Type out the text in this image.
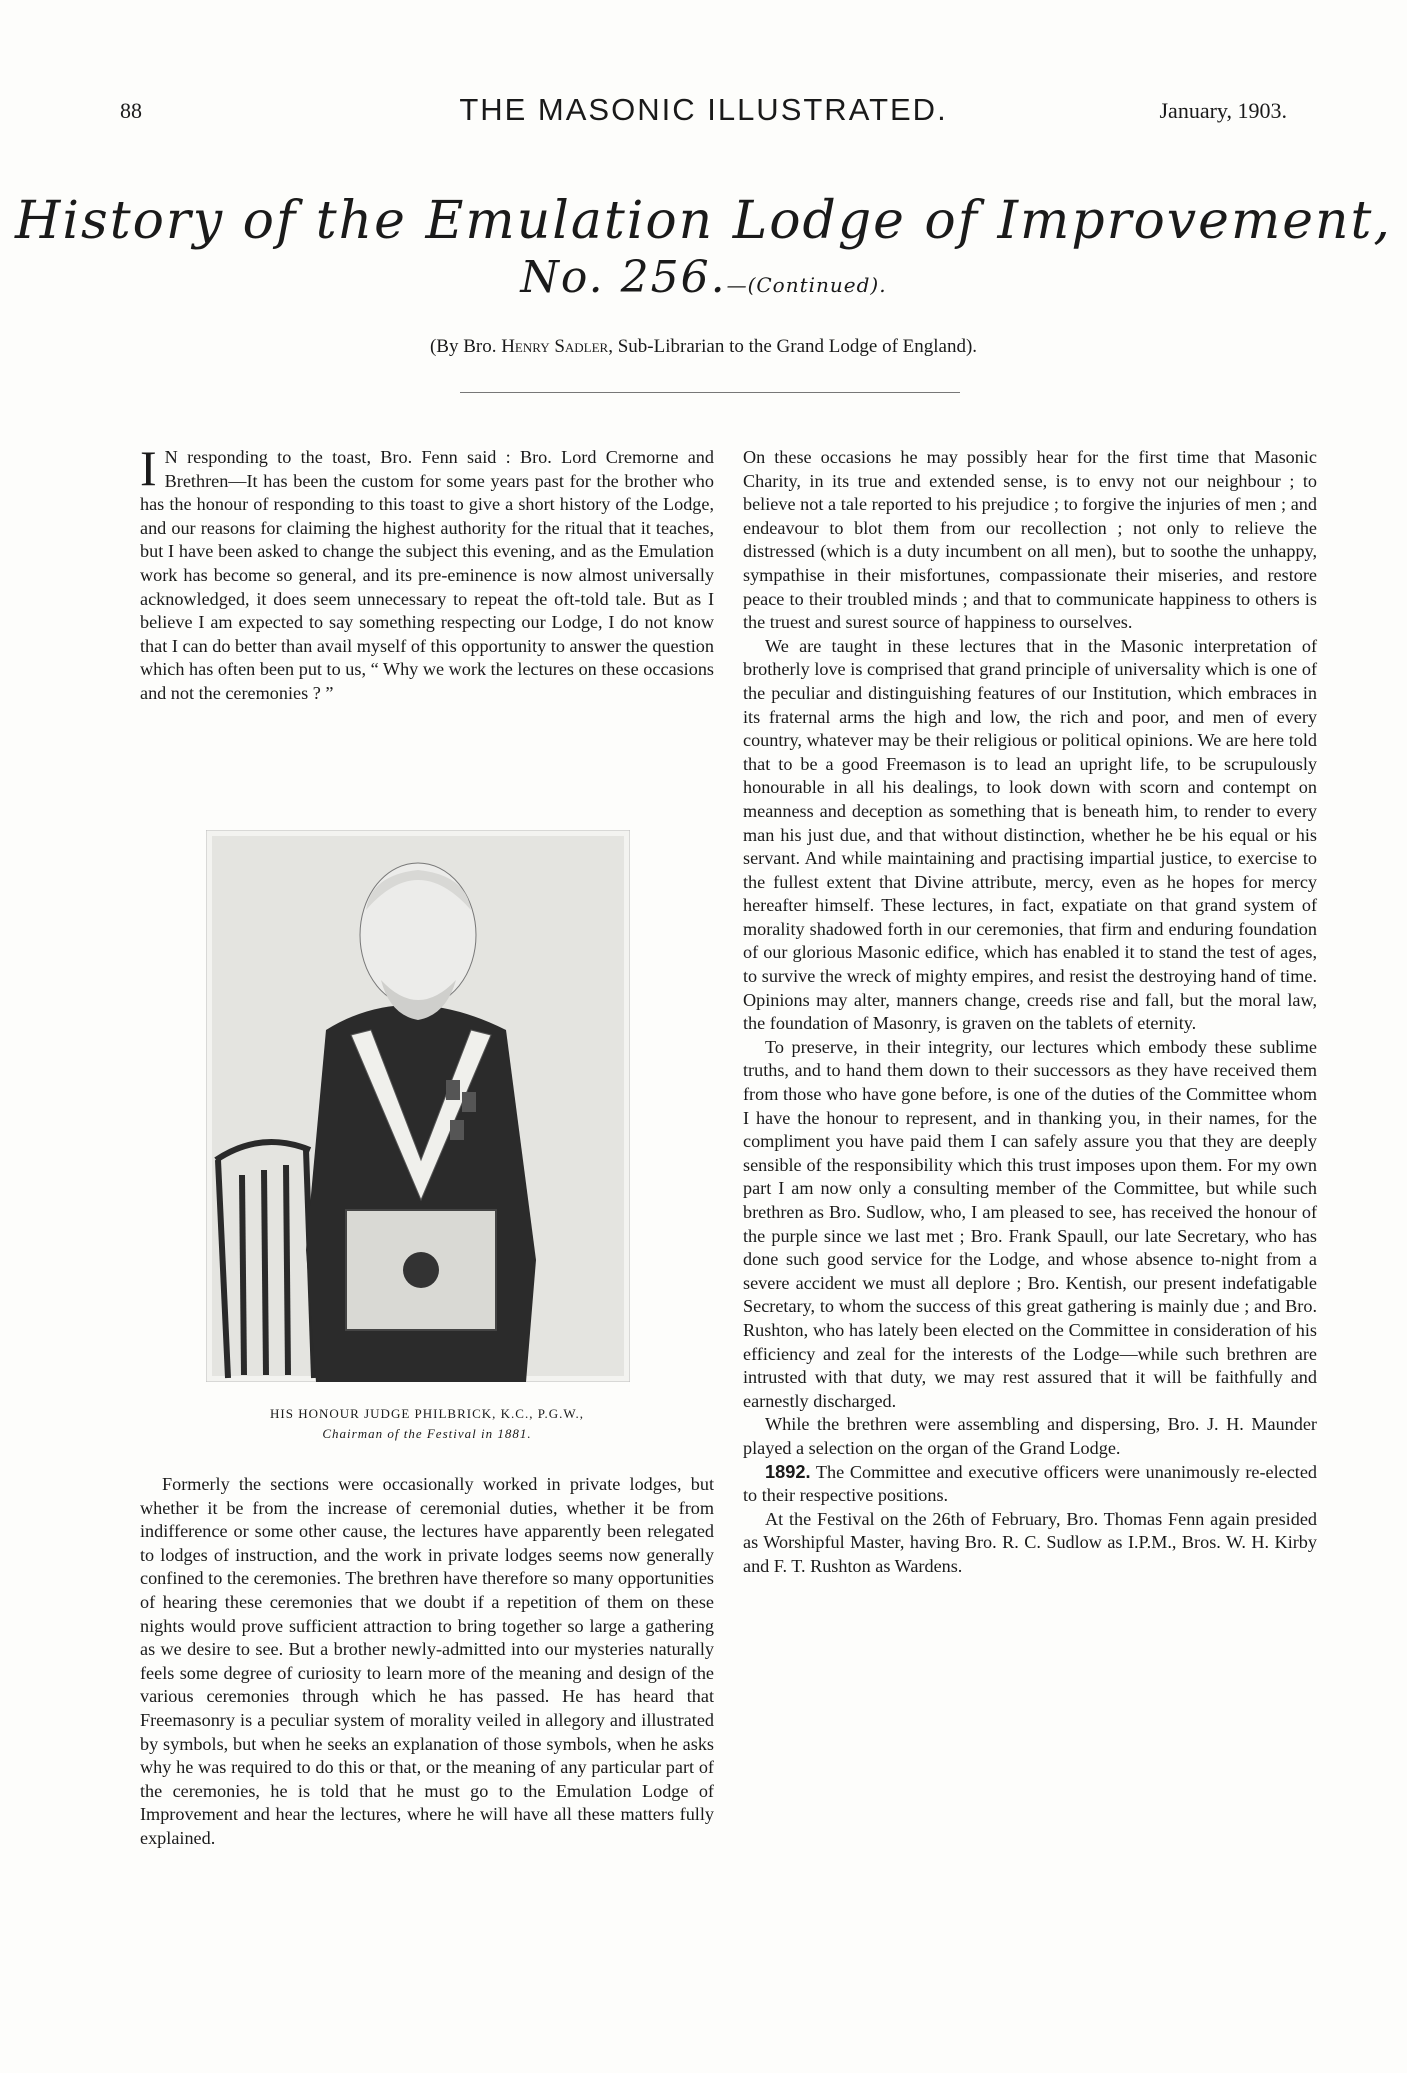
88	THE MASONIC ILLUSTRATED.	January, 1903.
History of the Emulation Lodge of Improvement,
No. 256.—(Continued).
(By Bro. Henry Sadler, Sub-Librarian to the Grand Lodge of England).

I N responding to the toast, Bro. Fenn said : Bro. Lord Cremorne and Brethren—It has been the custom for some years past for the brother who has the honour of responding to this toast to give a short history of the Lodge, and our reasons for claiming the highest authority for the ritual that it teaches, but I have been asked to change the subject this evening, and as the Emulation work has become so general, and its pre-eminence is now almost universally acknowledged, it does seem unnecessary to repeat the oft-told tale. But as I believe I am expected to say something respecting our Lodge, I do not know that I can do better than avail myself of this opportunity to answer the question which has often been put to us, “ Why we work the lectures on these occasions and not the ceremonies ? ”

HIS HONOUR JUDGE PHILBRICK, K.C., P.G.W.,
Chairman of the Festival in 1881.

Formerly the sections were occasionally worked in private lodges, but whether it be from the increase of ceremonial duties, whether it be from indifference or some other cause, the lectures have apparently been relegated to lodges of instruction, and the work in private lodges seems now generally confined to the ceremonies. The brethren have therefore so many opportunities of hearing these ceremonies that we doubt if a repetition of them on these nights would prove sufficient attraction to bring together so large a gathering as we desire to see. But a brother newly-admitted into our mysteries naturally feels some degree of curiosity to learn more of the meaning and design of the various ceremonies through which he has passed. He has heard that Freemasonry is a peculiar system of morality veiled in allegory and illustrated by symbols, but when he seeks an explanation of those symbols, when he asks why he was required to do this or that, or the meaning of any particular part of the ceremonies, he is told that he must go to the Emulation Lodge of Improvement and hear the lectures, where he will have all these matters fully explained.

On these occasions he may possibly hear for the first time that Masonic Charity, in its true and extended sense, is to envy not our neighbour ; to believe not a tale reported to his prejudice ; to forgive the injuries of men ; and endeavour to blot them from our recollection ; not only to relieve the distressed (which is a duty incumbent on all men), but to soothe the unhappy, sympathise in their misfortunes, compassionate their miseries, and restore peace to their troubled minds ; and that to communicate happiness to others is the truest and surest source of happiness to ourselves.

We are taught in these lectures that in the Masonic interpretation of brotherly love is comprised that grand principle of universality which is one of the peculiar and distinguishing features of our Institution, which embraces in its fraternal arms the high and low, the rich and poor, and men of every country, whatever may be their religious or political opinions. We are here told that to be a good Freemason is to lead an upright life, to be scrupulously honourable in all his dealings, to look down with scorn and contempt on meanness and deception as something that is beneath him, to render to every man his just due, and that without distinction, whether he be his equal or his servant. And while maintaining and practising impartial justice, to exercise to the fullest extent that Divine attribute, mercy, even as he hopes for mercy hereafter himself. These lectures, in fact, expatiate on that grand system of morality shadowed forth in our ceremonies, that firm and enduring foundation of our glorious Masonic edifice, which has enabled it to stand the test of ages, to survive the wreck of mighty empires, and resist the destroying hand of time. Opinions may alter, manners change, creeds rise and fall, but the moral law, the foundation of Masonry, is graven on the tablets of eternity.

To preserve, in their integrity, our lectures which embody these sublime truths, and to hand them down to their successors as they have received them from those who have gone before, is one of the duties of the Committee whom I have the honour to represent, and in thanking you, in their names, for the compliment you have paid them I can safely assure you that they are deeply sensible of the responsibility which this trust imposes upon them. For my own part I am now only a consulting member of the Committee, but while such brethren as Bro. Sudlow, who, I am pleased to see, has received the honour of the purple since we last met ; Bro. Frank Spaull, our late Secretary, who has done such good service for the Lodge, and whose absence to-night from a severe accident we must all deplore ; Bro. Kentish, our present indefatigable Secretary, to whom the success of this great gathering is mainly due ; and Bro. Rushton, who has lately been elected on the Committee in consideration of his efficiency and zeal for the interests of the Lodge—while such brethren are intrusted with that duty, we may rest assured that it will be faithfully and earnestly discharged.

While the brethren were assembling and dispersing, Bro. J. H. Maunder played a selection on the organ of the Grand Lodge.

1892. The Committee and executive officers were unanimously re-elected to their respective positions.

At the Festival on the 26th of February, Bro. Thomas Fenn again presided as Worshipful Master, having Bro. R. C. Sudlow as I.P.M., Bros. W. H. Kirby and F. T. Rushton as Wardens.
